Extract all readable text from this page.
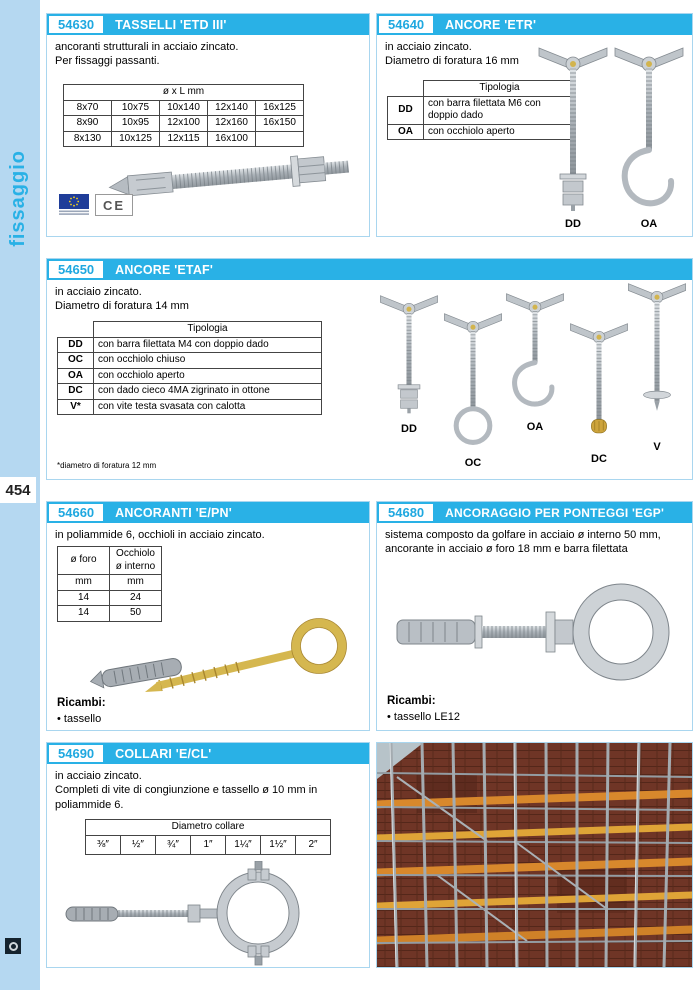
fissaggio
454
54630	TASSELLI 'ETD III'
ancoranti strutturali in acciaio zincato.
Per fissaggi passanti.
ø x L mm				
8x70	10x75	10x140	12x140	16x125
8x90	10x95	12x100	12x160	16x150
8x130	10x125	12x115	16x100	
CE
54640	ANCORE 'ETR'
in acciaio zincato.
Diametro di foratura 16 mm
	Tipologia
DD	con barra filettata M6 con doppio dado
OA	con occhiolo aperto
DD	OA
54650	ANCORE 'ETAF'
in acciaio zincato.
Diametro di foratura 14 mm
	Tipologia
DD	con barra filettata M4 con doppio dado
OC	con occhiolo chiuso
OA	con occhiolo aperto
DC	con dado cieco 4MA zigrinato in ottone
V*	con vite testa svasata con calotta
*diametro di foratura 12 mm
DD
OC
OA
DC
V
54660	ANCORANTI 'E/PN'
in poliammide 6, occhioli in acciaio zincato.
ø foro	Occhiolo
ø interno

mm	mm
14	24
14	50
Ricambi:
• tassello
54680	ANCORAGGIO PER PONTEGGI 'EGP'
sistema composto da golfare in acciaio ø interno 50 mm,
ancorante in acciaio ø foro 18 mm e barra filettata
Ricambi:
• tassello LE12
54690	COLLARI 'E/CL'
in acciaio zincato.
Completi di vite di congiunzione e tassello ø 10 mm in poliammide 6.
Diametro collare
⅜″	½″	¾″	1″	1¼″	1½″	2″
